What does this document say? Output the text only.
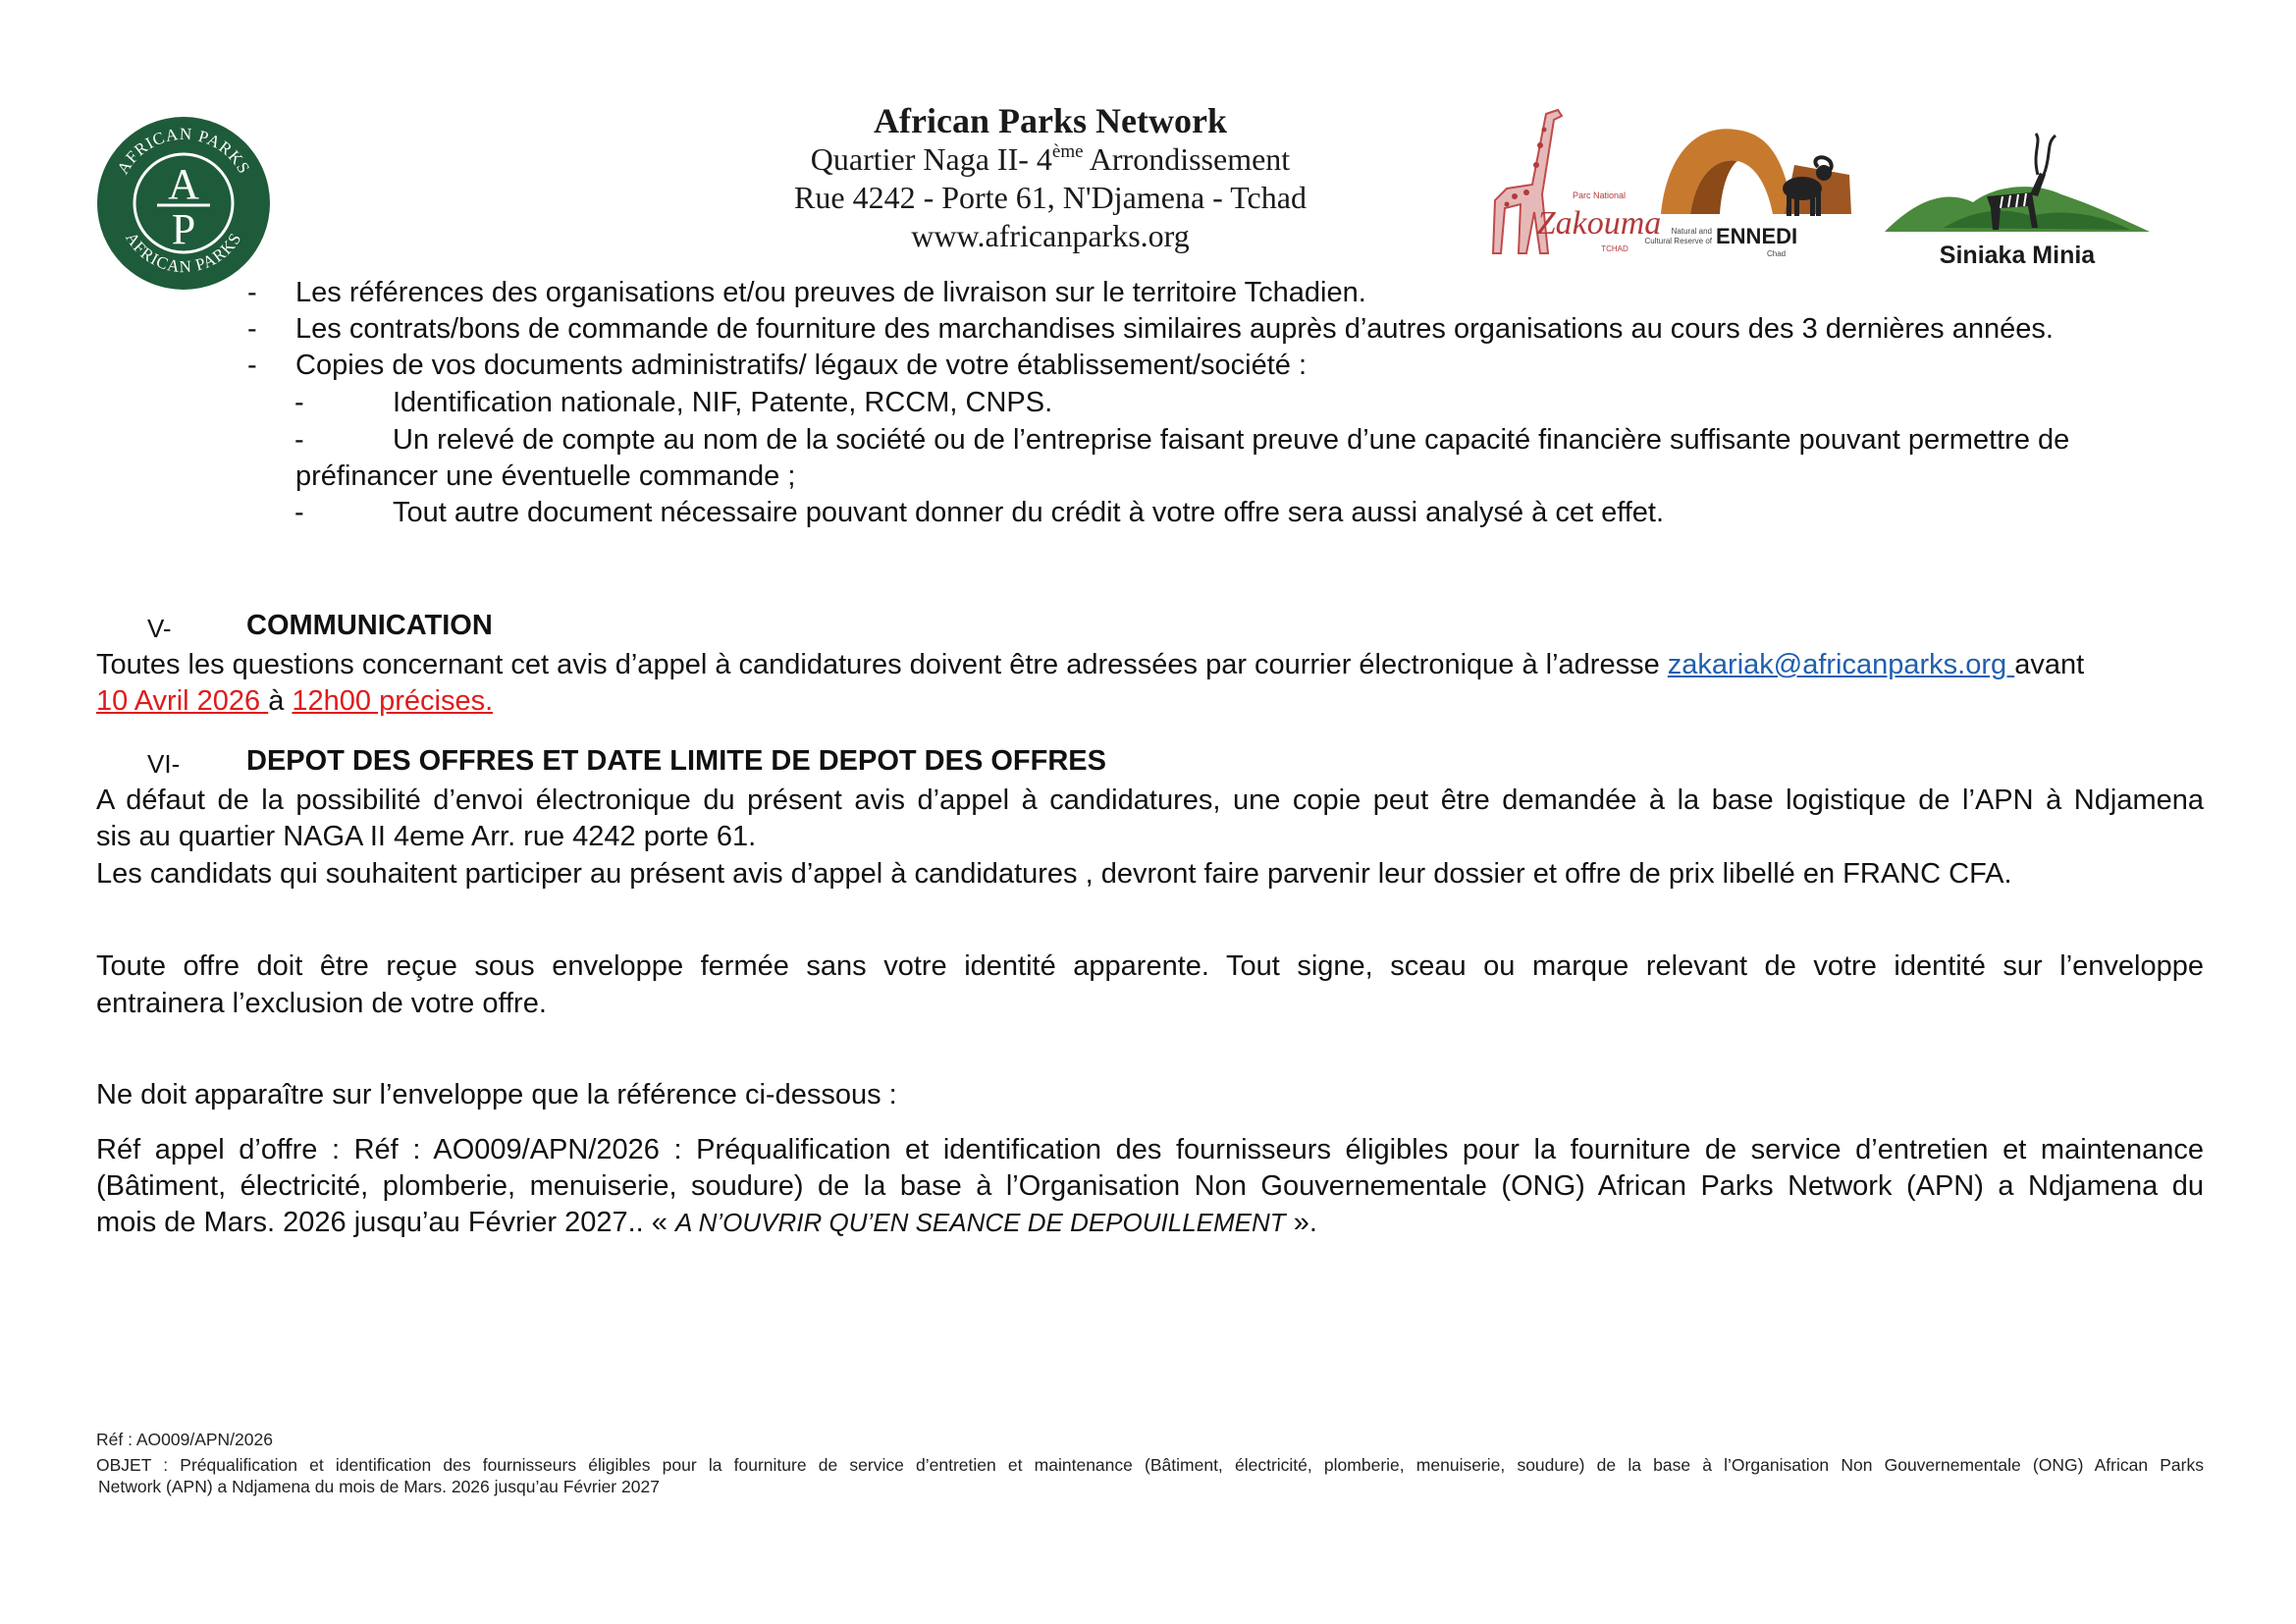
AFRICAN PARKS
AFRICAN PARKS
A
P
African Parks Network
Quartier Naga II- 4ème Arrondissement
Rue 4242 - Porte 61, N'Djamena - Tchad
www.africanparks.org
Parc National
Zakouma
TCHAD
Natural and
Cultural Reserve of ENNEDI
Chad	Siniaka Minia
- Les références des organisations et/ou preuves de livraison sur le territoire Tchadien.
- Les contrats/bons de commande de fourniture des marchandises similaires auprès d’autres organisations au cours des 3 dernières années.
- Copies de vos documents administratifs/ légaux de votre établissement/société :
-	Identification nationale, NIF, Patente, RCCM, CNPS.
-	Un relevé de compte au nom de la société ou de l’entreprise faisant preuve d’une capacité financière suffisante pouvant permettre de
préfinancer une éventuelle commande ;
-	Tout autre document nécessaire pouvant donner du crédit à votre offre sera aussi analysé à cet effet.
V-	COMMUNICATION
Toutes les questions concernant cet avis d’appel à candidatures doivent être adressées par courrier électronique à l’adresse zakariak@africanparks.org avant
10 Avril 2026 à 12h00 précises.
VI- DEPOT DES OFFRES ET DATE LIMITE DE DEPOT DES OFFRES
A défaut de la possibilité d’envoi électronique du présent avis d’appel à candidatures, une copie peut être demandée à la base logistique de l’APN à Ndjamena
sis au quartier NAGA II 4eme Arr. rue 4242 porte 61.
Les candidats qui souhaitent participer au présent avis d’appel à candidatures , devront faire parvenir leur dossier et offre de prix libellé en FRANC CFA.
Toute offre doit être reçue sous enveloppe fermée sans votre identité apparente. Tout signe, sceau ou marque relevant de votre identité sur l’enveloppe
entrainera l’exclusion de votre offre.
Ne doit apparaître sur l’enveloppe que la référence ci-dessous :
Réf appel d’offre : Réf : AO009/APN/2026 : Préqualification et identification des fournisseurs éligibles pour la fourniture de service d’entretien et maintenance
(Bâtiment, électricité, plomberie, menuiserie, soudure) de la base à l’Organisation Non Gouvernementale (ONG) African Parks Network (APN) a Ndjamena du
mois de Mars. 2026 jusqu’au Février 2027.. « A N’OUVRIR QU’EN SEANCE DE DEPOUILLEMENT ».
Réf : AO009/APN/2026
OBJET : Préqualification et identification des fournisseurs éligibles pour la fourniture de service d’entretien et maintenance (Bâtiment, électricité, plomberie, menuiserie, soudure) de la base à l’Organisation Non Gouvernementale (ONG) African Parks
Network (APN) a Ndjamena du mois de Mars. 2026 jusqu’au Février 2027
